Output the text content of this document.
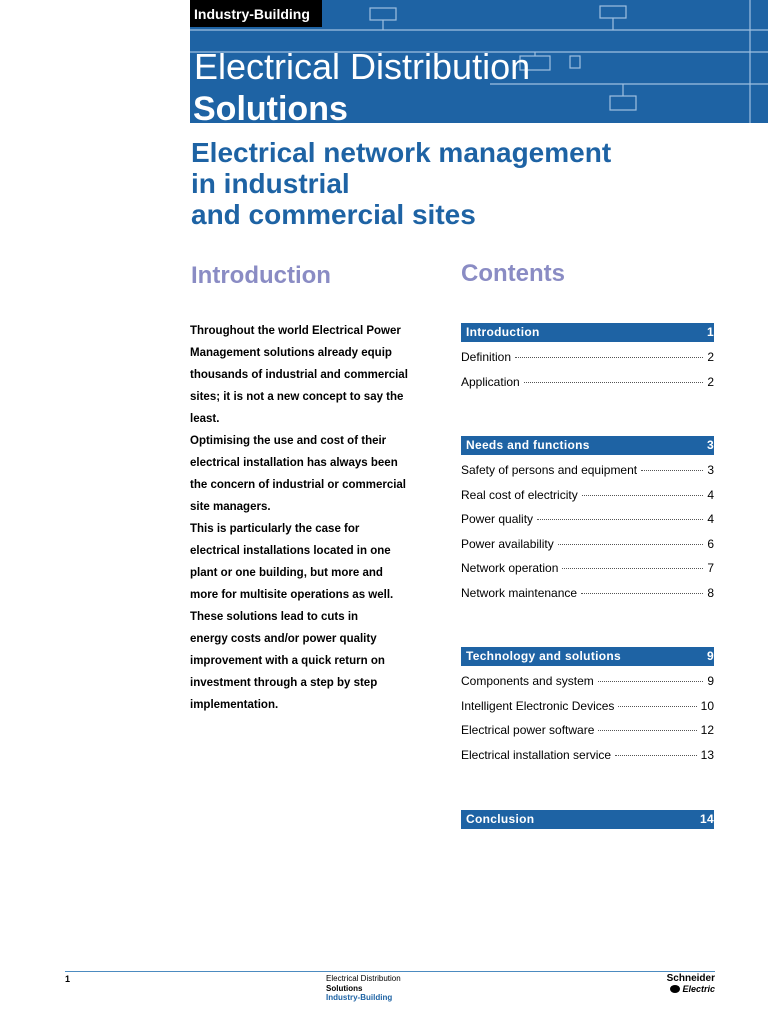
Industry-Building
Electrical Distribution
Solutions
Electrical network management
in industrial
and commercial sites
Introduction
Throughout the world Electrical Power
Management solutions already equip
thousands of industrial and commercial
sites; it is not a new concept to say the
least.
Optimising the use and cost of their
electrical installation has always been
the concern of industrial or commercial
site managers.
This is particularly the case for
electrical installations located in one
plant or one building, but more and
more for multisite operations as well.
These solutions lead to cuts in
energy costs and/or power quality
improvement with a quick return on
investment through a step by step
implementation.
Contents
Introduction	1
Definition	2
Application	2
Needs and functions	3
Safety of persons and equipment	3
Real cost of electricity	4
Power quality	4
Power availability	6
Network operation	7
Network maintenance	8
Technology and solutions	9
Components and system	9
Intelligent Electronic Devices	10
Electrical power software	12
Electrical installation service	13
Conclusion	14
1	Electrical Distribution
Solutions
Industry-Building
Schneider
Electric
